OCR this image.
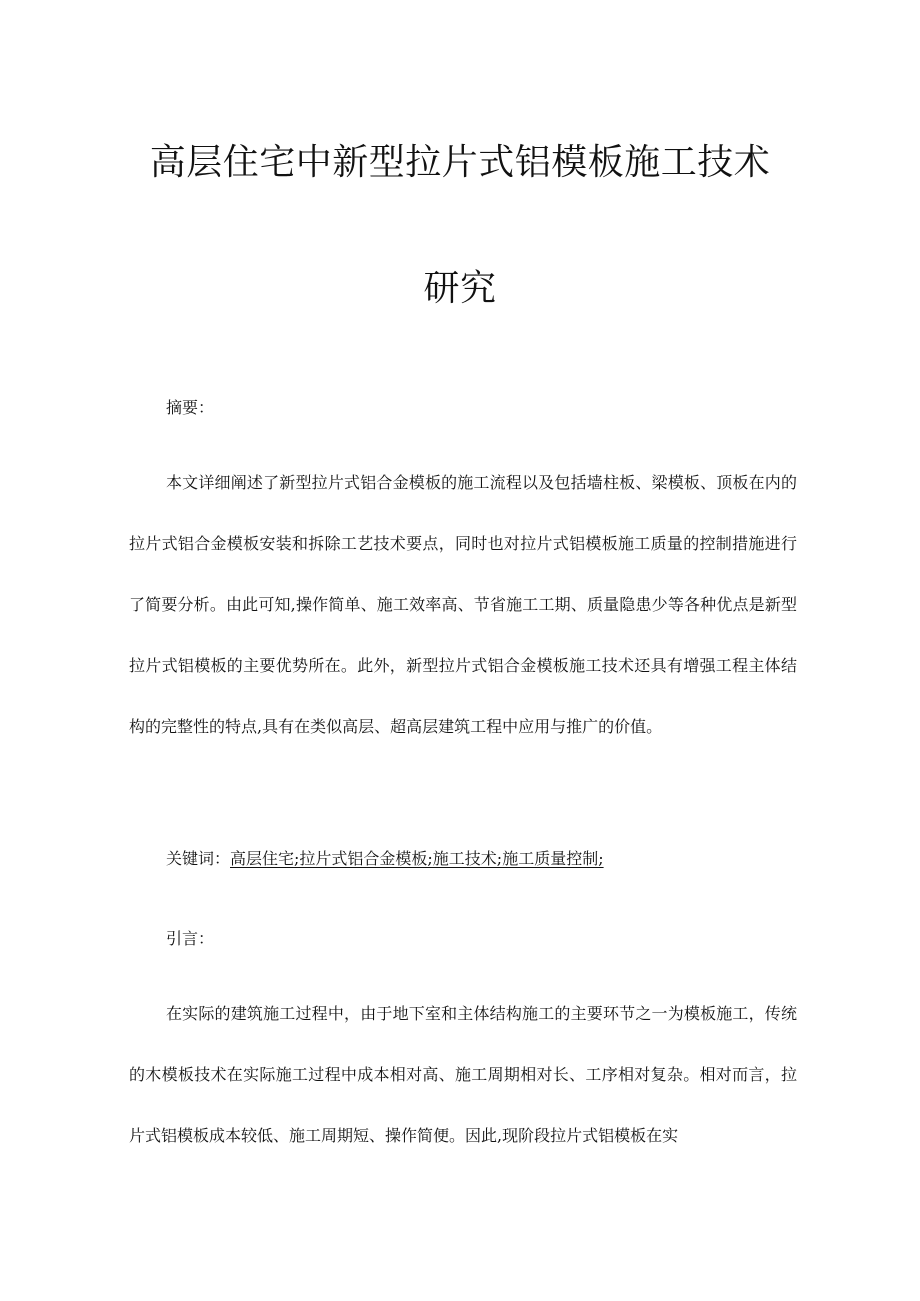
高层住宅中新型拉片式铝模板施工技术
研究
摘要：

本文详细阐述了新型拉片式铝合金模板的施工流程以及包括墙柱板、梁模板、顶板在内的拉片式铝合金模板安装和拆除工艺技术要点，同时也对拉片式铝模板施工质量的控制措施进行了简要分析。由此可知,操作简单、施工效率高、节省施工工期、质量隐患少等各种优点是新型拉片式铝模板的主要优势所在。此外，新型拉片式铝合金模板施工技术还具有增强工程主体结构的完整性的特点,具有在类似高层、超高层建筑工程中应用与推广的价值。

关键词：高层住宅;拉片式铝合金模板;施工技术;施工质量控制;
引言：

在实际的建筑施工过程中，由于地下室和主体结构施工的主要环节之一为模板施工，传统的木模板技术在实际施工过程中成本相对高、施工周期相对长、工序相对复杂。相对而言，拉片式铝模板成本较低、施工周期短、操作简便。因此,现阶段拉片式铝模板在实
